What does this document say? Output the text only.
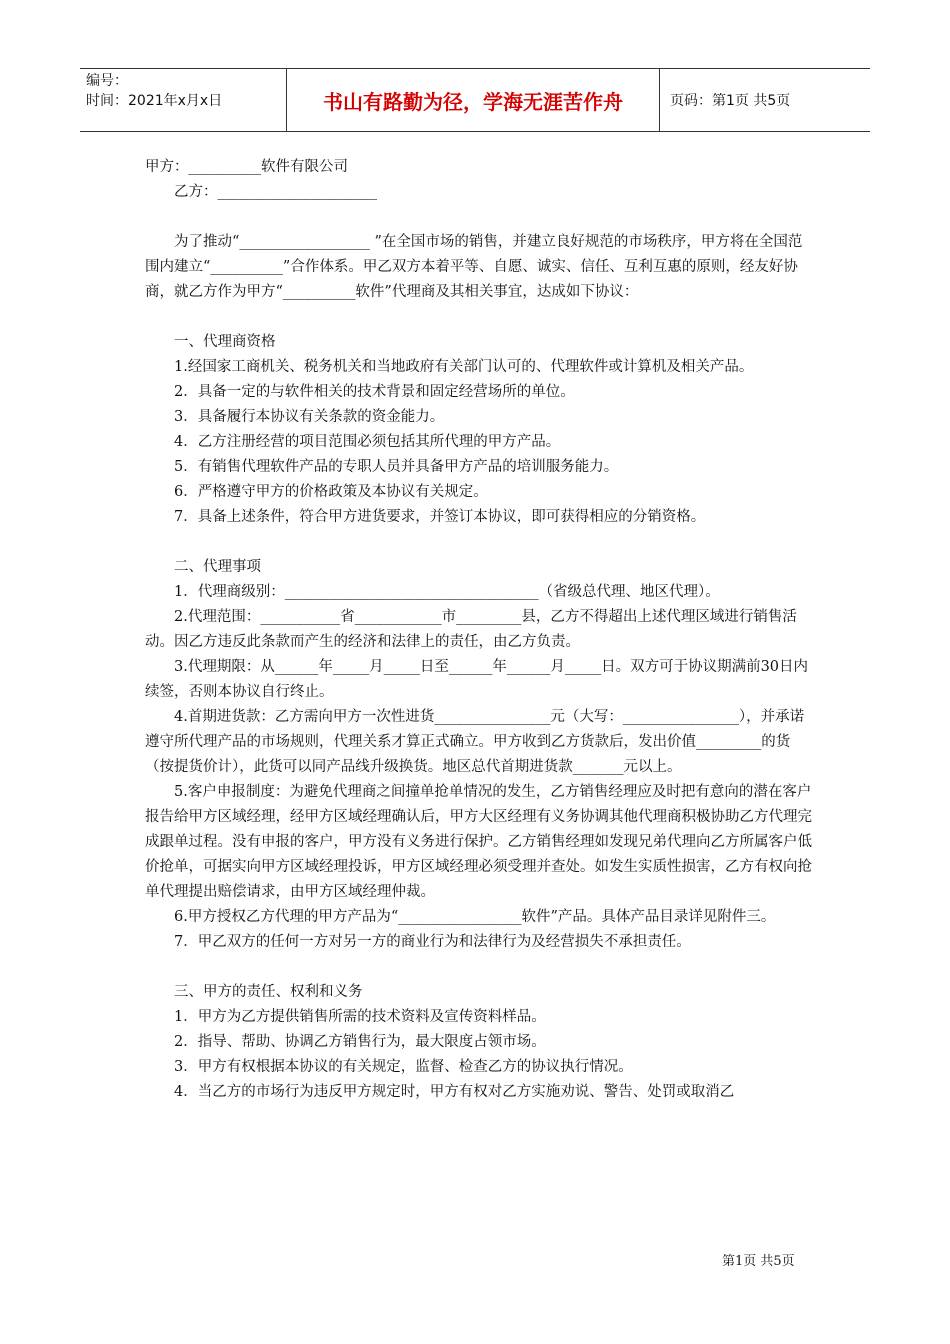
编号：
时间：2021年x月x日	书山有路勤为径，学海无涯苦作舟	页码：第1页 共5页

甲方：__________软件有限公司

乙方：______________________

为了推动“__________________ ”在全国市场的销售，并建立良好规范的市场秩序，甲方将在全国范围内建立“__________”合作体系。甲乙双方本着平等、自愿、诚实、信任、互利互惠的原则，经友好协商，就乙方作为甲方“__________软件”代理商及其相关事宜，达成如下协议：

一、代理商资格

1.经国家工商机关、税务机关和当地政府有关部门认可的、代理软件或计算机及相关产品。

2．具备一定的与软件相关的技术背景和固定经营场所的单位。

3．具备履行本协议有关条款的资金能力。

4．乙方注册经营的项目范围必须包括其所代理的甲方产品。

5．有销售代理软件产品的专职人员并具备甲方产品的培训服务能力。

6．严格遵守甲方的价格政策及本协议有关规定。

7．具备上述条件，符合甲方进货要求，并签订本协议，即可获得相应的分销资格。

二、代理事项

1．代理商级别：___________________________________（省级总代理、地区代理）。

2.代理范围：___________省____________市_________县，乙方不得超出上述代理区域进行销售活动。因乙方违反此条款而产生的经济和法律上的责任，由乙方负责。

3.代理期限：从______年_____月_____日至______年______月_____日。双方可于协议期满前30日内续签，否则本协议自行终止。

4.首期进货款：乙方需向甲方一次性进货________________元（大写：________________），并承诺遵守所代理产品的市场规则，代理关系才算正式确立。甲方收到乙方货款后，发出价值_________的货（按提货价计），此货可以同产品线升级换货。地区总代首期进货款_______元以上。

5.客户申报制度：为避免代理商之间撞单抢单情况的发生，乙方销售经理应及时把有意向的潜在客户报告给甲方区域经理，经甲方区域经理确认后，甲方大区经理有义务协调其他代理商积极协助乙方代理完成跟单过程。没有申报的客户，甲方没有义务进行保护。乙方销售经理如发现兄弟代理向乙方所属客户低价抢单，可据实向甲方区域经理投诉，甲方区域经理必须受理并查处。如发生实质性损害，乙方有权向抢单代理提出赔偿请求，由甲方区域经理仲裁。

6.甲方授权乙方代理的甲方产品为“_________________软件”产品。具体产品目录详见附件三。

7．甲乙双方的任何一方对另一方的商业行为和法律行为及经营损失不承担责任。

三、甲方的责任、权利和义务

1．甲方为乙方提供销售所需的技术资料及宣传资料样品。

2．指导、帮助、协调乙方销售行为，最大限度占领市场。

3．甲方有权根据本协议的有关规定，监督、检查乙方的协议执行情况。

4．当乙方的市场行为违反甲方规定时，甲方有权对乙方实施劝说、警告、处罚或取消乙

第1页 共5页
